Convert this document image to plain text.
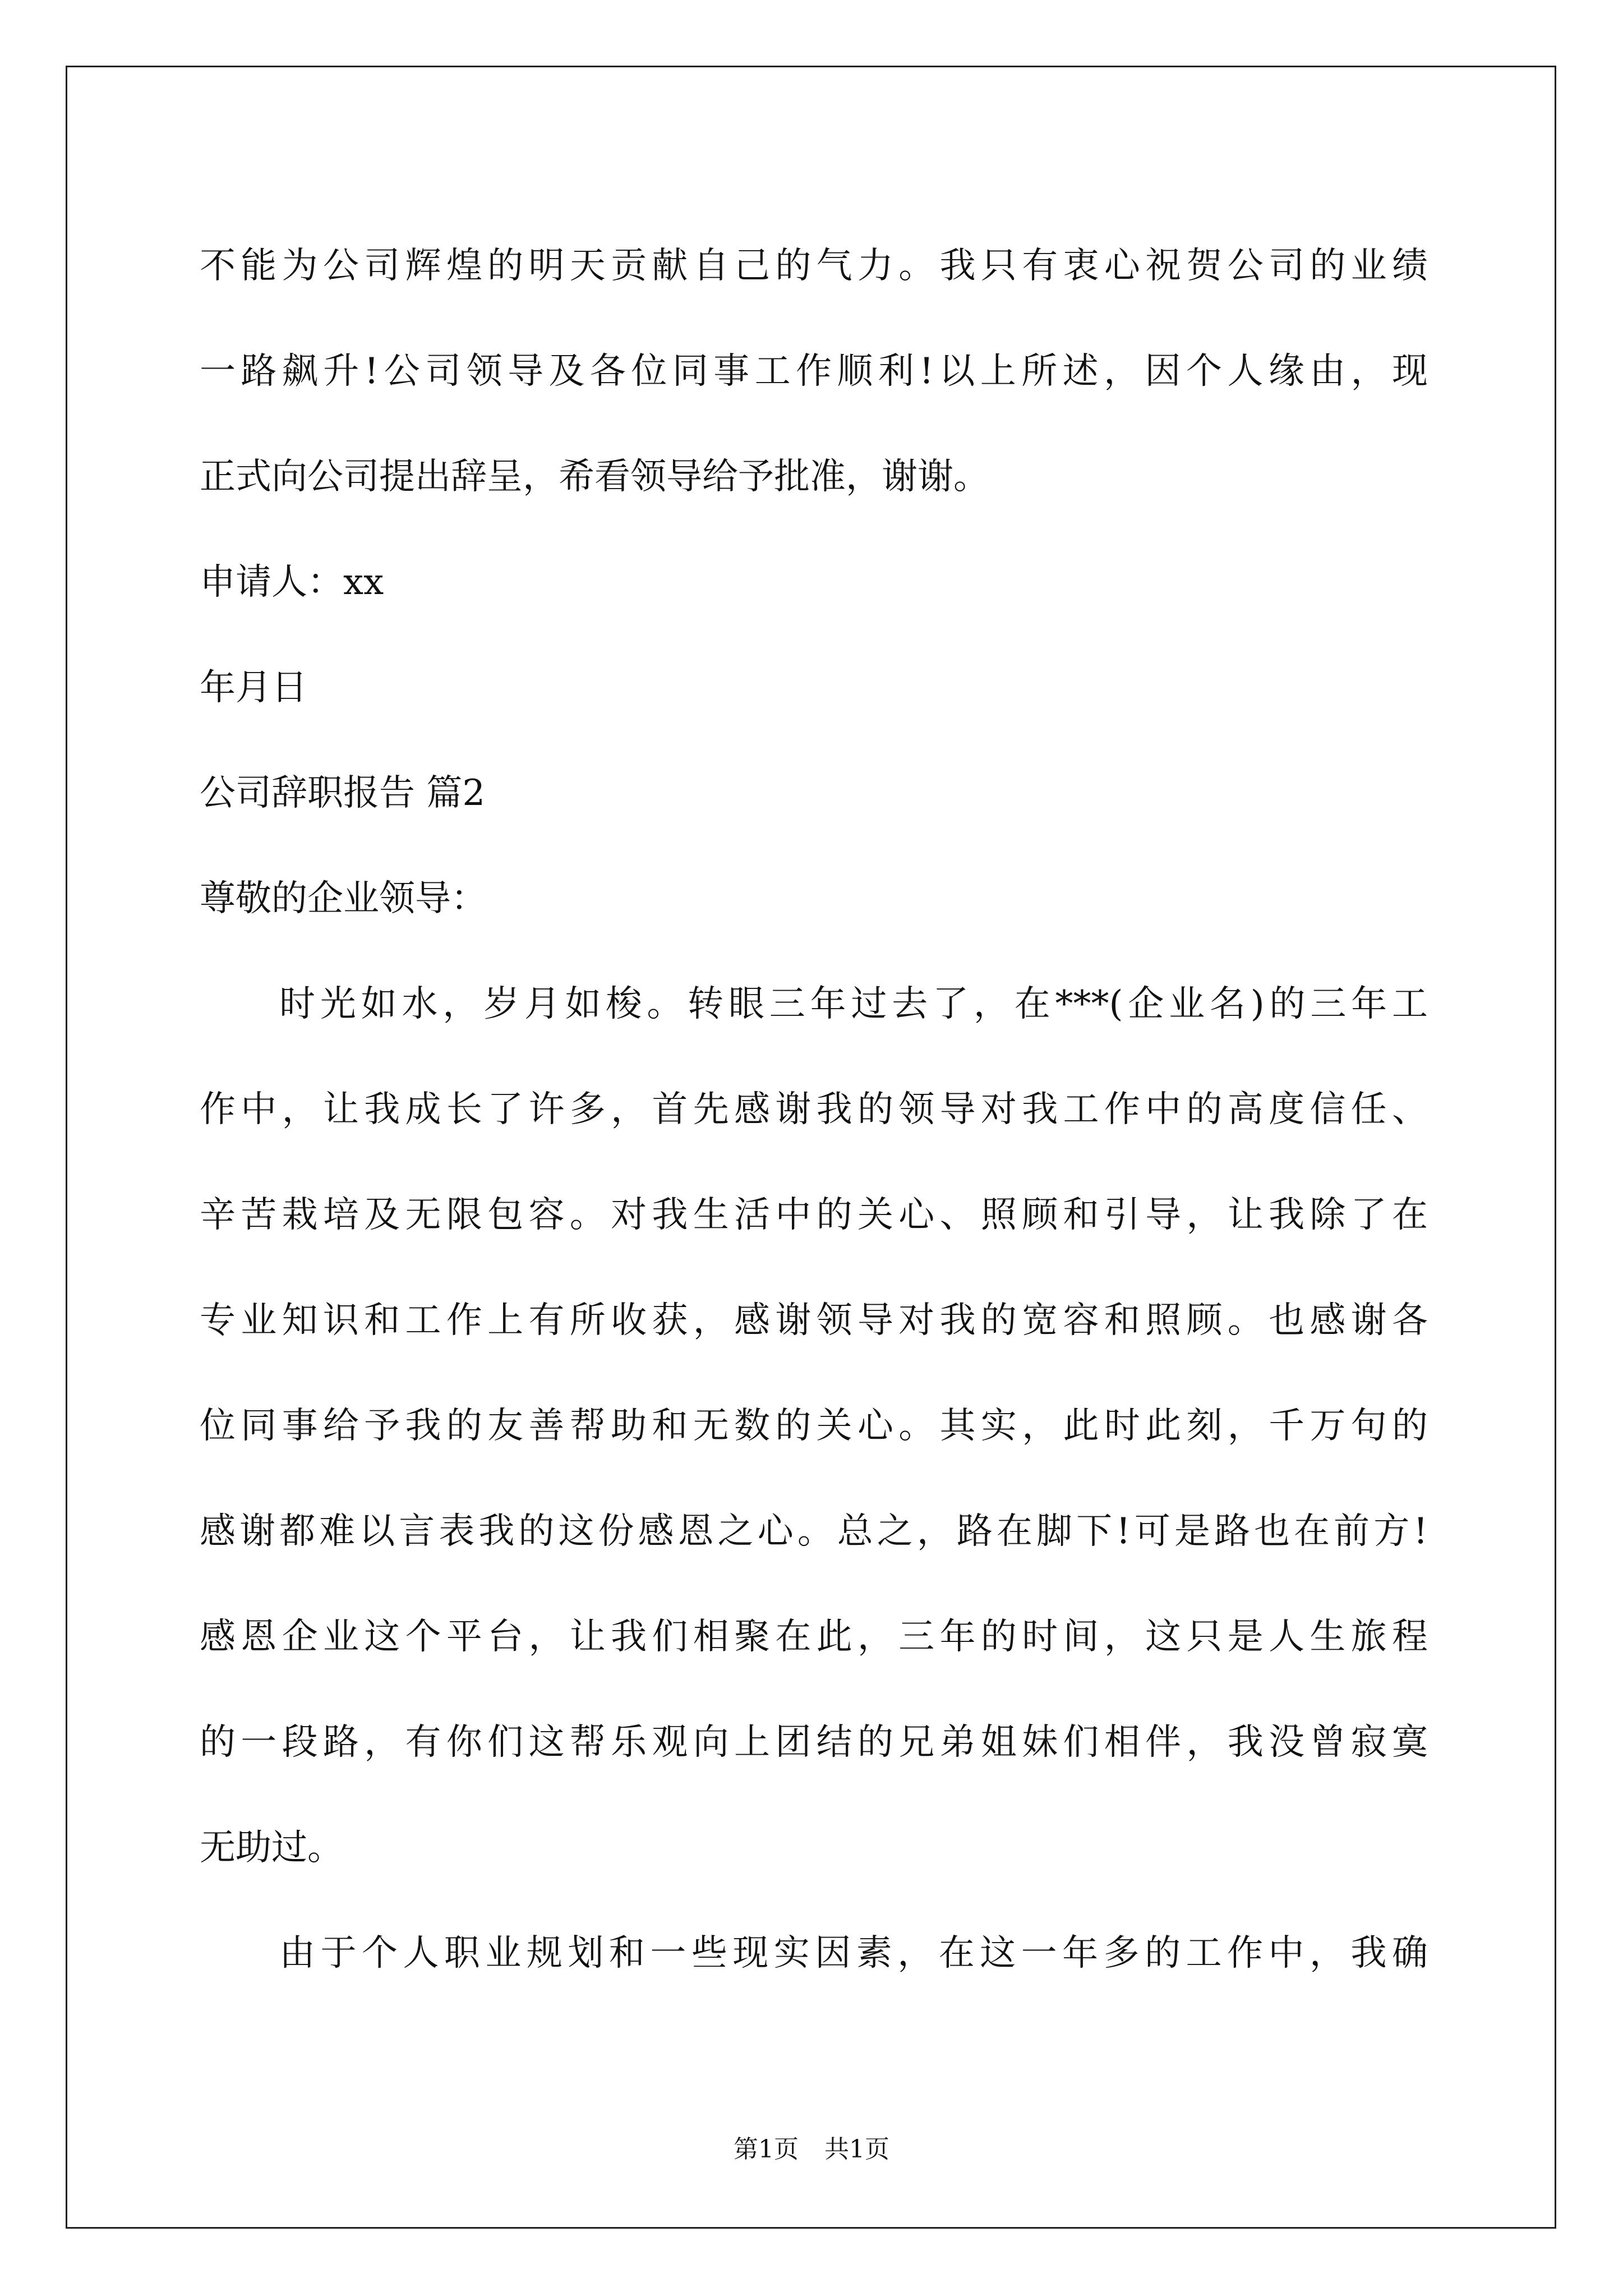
不能为公司辉煌的明天贡献自己的气力。我只有衷心祝贺公司的业绩
一路飙升!公司领导及各位同事工作顺利!以上所述，因个人缘由，现
正式向公司提出辞呈，希看领导给予批准，谢谢。
申请人：xx
年月日
公司辞职报告 篇2
尊敬的企业领导：
时光如水，岁月如梭。转眼三年过去了，在***(企业名)的三年工
作中，让我成长了许多，首先感谢我的领导对我工作中的高度信任、
辛苦栽培及无限包容。对我生活中的关心、照顾和引导，让我除了在
专业知识和工作上有所收获，感谢领导对我的宽容和照顾。也感谢各
位同事给予我的友善帮助和无数的关心。其实，此时此刻，千万句的
感谢都难以言表我的这份感恩之心。总之，路在脚下!可是路也在前方!
感恩企业这个平台，让我们相聚在此，三年的时间，这只是人生旅程
的一段路，有你们这帮乐观向上团结的兄弟姐妹们相伴，我没曾寂寞
无助过。
由于个人职业规划和一些现实因素，在这一年多的工作中，我确
第1页 共1页
